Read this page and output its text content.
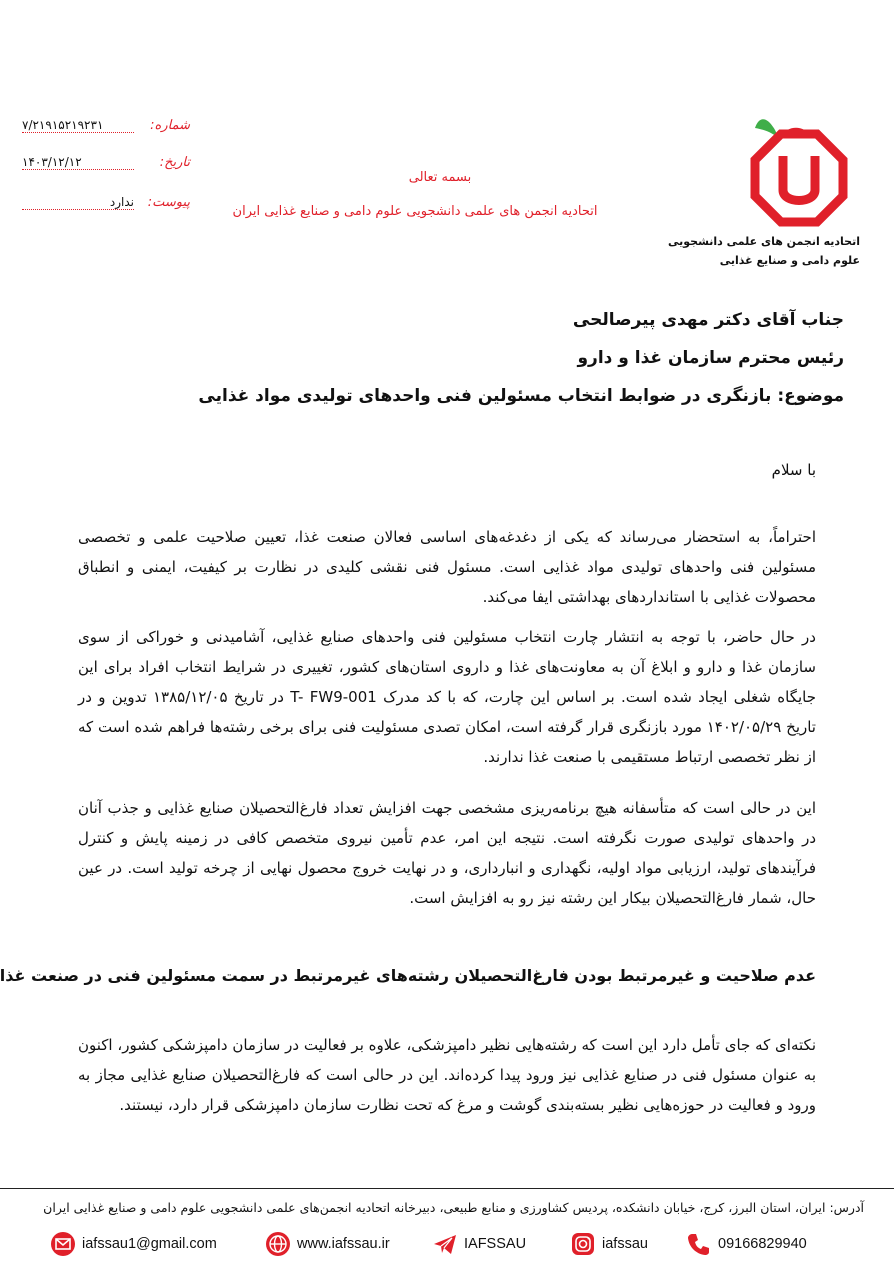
شماره:
۷/۲۱۹۱۵۲۱۹۲۳۱
تاریخ:
۱۴۰۳/۱۲/۱۲
پیوست:
ندارد
بسمه تعالی
اتحادیه انجمن های علمی دانشجویی علوم دامی و صنایع غذایی ایران
اتحادیه انجمن های علمی دانشجویی
علوم دامی و صنایع غذایی
جناب آقای دکتر مهدی پیرصالحی
رئیس محترم سازمان غذا و دارو
موضوع: بازنگری در ضوابط انتخاب مسئولین فنی واحدهای تولیدی مواد غذایی
با سلام
احتراماً، به استحضار می‌رساند که یکی از دغدغه‌های اساسی فعالان صنعت غذا، تعیین صلاحیت علمی و تخصصی مسئولین فنی واحدهای تولیدی مواد غذایی است. مسئول فنی نقشی کلیدی در نظارت بر کیفیت، ایمنی و انطباق محصولات غذایی با استانداردهای بهداشتی ایفا می‌کند.
در حال حاضر، با توجه به انتشار چارت انتخاب مسئولین فنی واحدهای صنایع غذایی، آشامیدنی و خوراکی از سوی سازمان غذا و دارو و ابلاغ آن به معاونت‌های غذا و داروی استان‌های کشور، تغییری در شرایط انتخاب افراد برای این جایگاه شغلی ایجاد شده است. بر اساس این چارت، که با کد مدرک T- FW9-001 در تاریخ ۱۳۸۵/۱۲/۰۵ تدوین و در تاریخ ۱۴۰۲/۰۵/۲۹ مورد بازنگری قرار گرفته است، امکان تصدی مسئولیت فنی برای برخی رشته‌ها فراهم شده است که از نظر تخصصی ارتباط مستقیمی با صنعت غذا ندارند.
این در حالی است که متأسفانه هیچ برنامه‌ریزی مشخصی جهت افزایش تعداد فارغ‌التحصیلان صنایع غذایی و جذب آنان در واحدهای تولیدی صورت نگرفته است. نتیجه این امر، عدم تأمین نیروی متخصص کافی در زمینه پایش و کنترل فرآیندهای تولید، ارزیابی مواد اولیه، نگهداری و انبارداری، و در نهایت خروج محصول نهایی از چرخه تولید است. در عین حال، شمار فارغ‌التحصیلان بیکار این رشته نیز رو به افزایش است.
عدم صلاحیت و غیرمرتبط بودن فارغ‌التحصیلان رشته‌های غیرمرتبط در سمت مسئولین فنی در صنعت غذا
نکته‌ای که جای تأمل دارد این است که رشته‌هایی نظیر دامپزشکی، علاوه بر فعالیت در سازمان دامپزشکی کشور، اکنون به عنوان مسئول فنی در صنایع غذایی نیز ورود پیدا کرده‌اند. این در حالی است که فارغ‌التحصیلان صنایع غذایی مجاز به ورود و فعالیت در حوزه‌هایی نظیر بسته‌بندی گوشت و مرغ که تحت نظارت سازمان دامپزشکی قرار دارد، نیستند.
آدرس: ایران، استان البرز، کرج، خیابان دانشکده، پردیس کشاورزی و منابع طبیعی، دبیرخانه اتحادیه انجمن‌های علمی دانشجویی علوم دامی و صنایع غذایی ایران
iafssau1@gmail.com	www.iafssau.ir	IAFSSAU	iafssau	09166829940
